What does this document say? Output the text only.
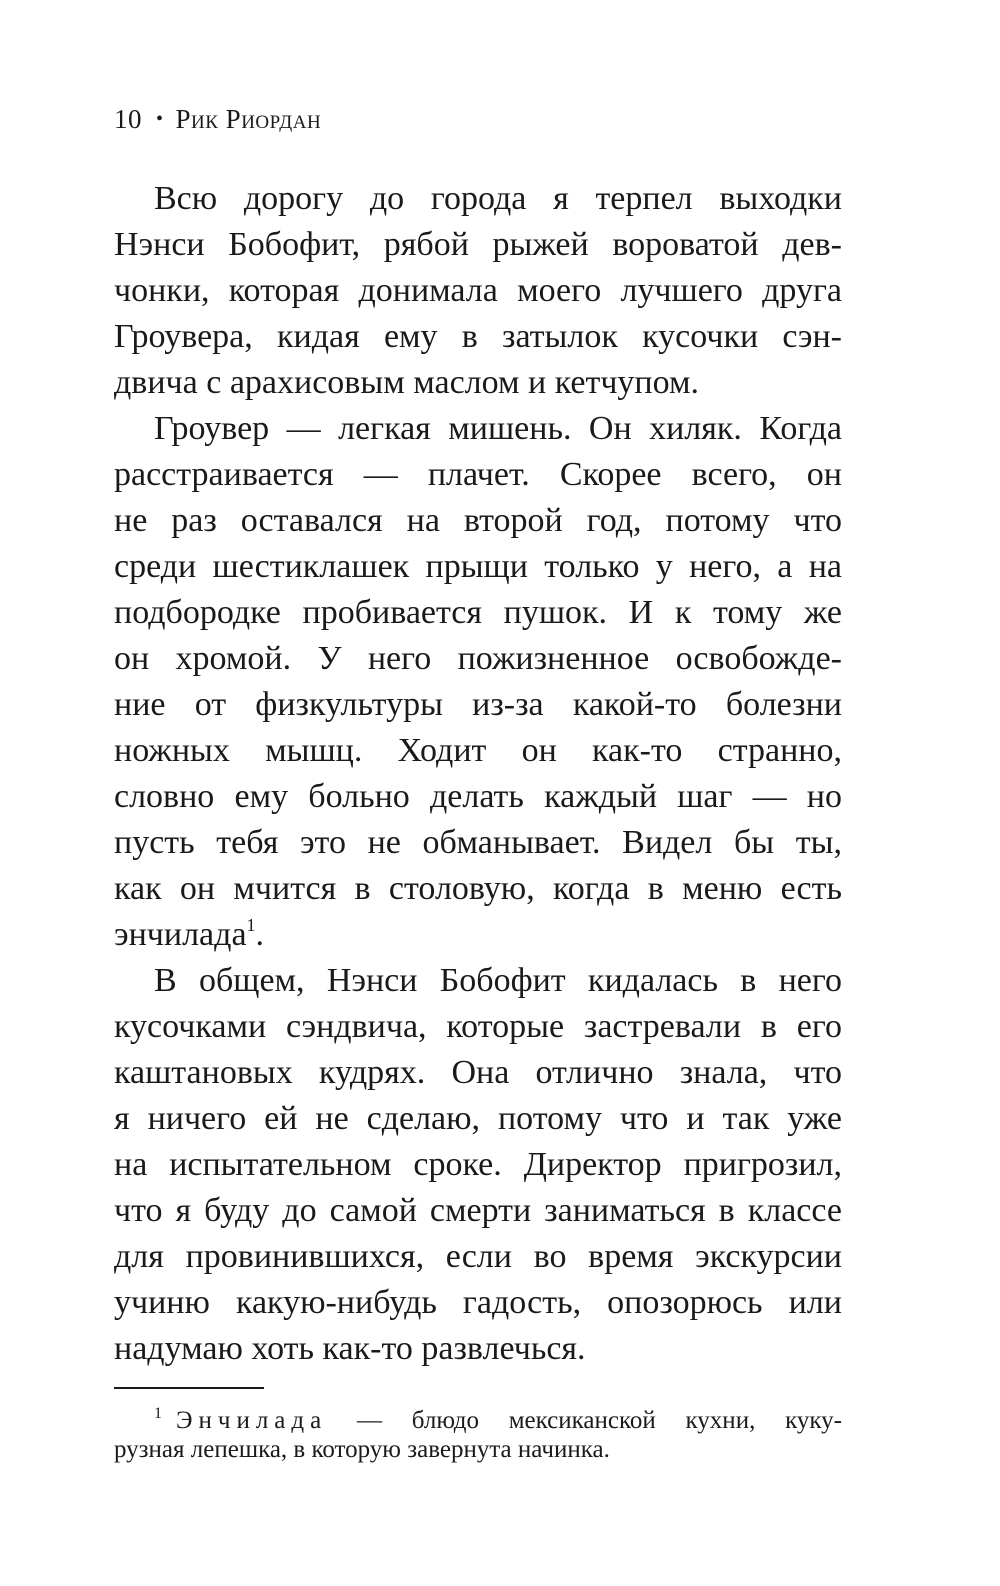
10 • Рик Риордан
Всю дорогу до города я терпел выходки
Нэнси Бобофит, рябой рыжей вороватой дев-
чонки, которая донимала моего лучшего друга
Гроувера, кидая ему в затылок кусочки сэн-
двича с арахисовым маслом и кетчупом.
Гроувер — легкая мишень. Он хиляк. Когда
расстраивается — плачет. Скорее всего, он
не раз оставался на второй год, потому что
среди шестиклашек прыщи только у него, а на
подбородке пробивается пушок. И к тому же
он хромой. У него пожизненное освобожде-
ние от физкультуры из-за какой-то болезни
ножных мышц. Ходит он как-то странно,
словно ему больно делать каждый шаг — но
пусть тебя это не обманывает. Видел бы ты,
как он мчится в столовую, когда в меню есть
энчилада$^1$.
В общем, Нэнси Бобофит кидалась в него
кусочками сэндвича, которые застревали в его
каштановых кудрях. Она отлично знала, что
я ничего ей не сделаю, потому что и так уже
на испытательном сроке. Директор пригрозил,
что я буду до самой смерти заниматься в классе
для провинившихся, если во время экскурсии
учиню какую-нибудь гадость, опозорюсь или
надумаю хоть как-то развлечься.
$^1$ Энчилада — блюдо мексиканской кухни, куку-
рузная лепешка, в которую завернута начинка.
